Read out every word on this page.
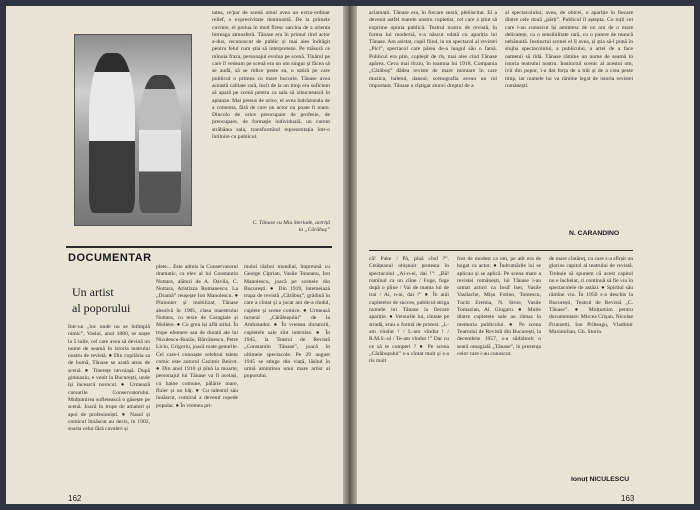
tatea, ce'par de scenă omul avea un extra-ordinar relief, o expresivitate dominantă. De la primele cuvinte, el prelua în mod firesc sarcina de a orienta întreaga atmosferă. Tănase era în primul rînd actor a-dus, recunoscut de public și mai ales îndrăgit pentru felul cum știa să interpreteze. Pe măsură ce mînuia fraza, personajul evolua pe scenă. Tînărul pe care îl vedeam pe scenă era un om singur și făcea să se audă, să se ridice peste ea, o satiră pe care publicul o primea cu mare bucurie. Tănase avea această calitate rară, încît de la un timp era suficient să apară pe scenă pentru ca sala să izbucnească în aplauze. Mai presus de orice, el avea îndrăzneala de a comenta, fără de care un actor nu poate fi mare. Dincolo de orice preocupare de profesie, de preocupare, de formație individuală, un curent străbătea sala, transformînd reprezentația într-o întîlnire cu publicul.
C. Tănase cu Mia Steriade, actriță
la „Cărăbuș”
DOCUMENTAR
Un artist
al poporului
Într-un „loc unde nu se întîmplă nimic”, Vaslui, anul 1880, se naște la 5 iulie, cel care avea să devină un nume de seamă în istoria teatrului nostru de revistă. ● Din copilăria sa de humă, Tănase se arată atras de scenă. ● Tinerețe nevoiașă. După gimnaziu, e venit la București, unde își încearcă norocul. ● Urmează cursurile Conservatorului. Mulțumirea sufletească o găsește pe scenă. Joacă în trupe de amatori și apoi de profesioniști. ● Nasul și comicul înnăscut au decis, în 1902, soarta celui fără cavaleri și
plete... Este admis la Conservatorul dramatic, ca elev al lui Constantin Nottara, alături de A. Davila, C. Nottara, Aristizza Romanescu. La „Dramă” reușește Ion Manolescu. ● Plutonier și mobilizat, Tănase absolvă în 1905, clasa maestrului Nottara, cu texte de Caragiale și Molière. ● Cu greu își află stilul. În trupe efemere sau de durată ale lui Niculescu-Buzău, Bărcănescu, Petre Liciu, Grigoriu, joacă toate genurile. Cel care-i cunoaște celebrul talent comic este autorul Cazimir Belcot. ● Din anul 1910 și pînă la moarte, personajul lui Tănase va fi același, cu haine comune, pălărie mare, fluier și un băț. ● Cu talentul său înnăscut, comicul a devenit repede popular. ● În vremea pri-
mului război mondial, împreună cu George Ciprian, Vasile Toneanu, Ion Manolescu, joacă pe scenele din București. ● Din 1919, întemeiază trupa de revistă „Cărăbuș”, grădină în care a cîntat și a jucat ani de-a rîndul, cuplete și scene comice. ● Urmează turneul „Cărăbușului” de la Ambasador. ● În vremea dictaturii, cupletele sale sînt interzise. ● În 1945, la Teatrul de Revistă „Constantin Tănase”, joacă în ultimele spectacole. Pe 29 august 1945 se stinge din viață, lăsînd în urmă amintirea unui mare artist al poporului.
162
aclamații. Tănase era, în fiecare seară, plebiscitat. El a devenit astfel marele nostru cupletist, cel care a știut să exprime opinia publică. Teatrul nostru de revistă, în forma lui modernă, s-a născut odată cu apariția lui Tănase. Am asistat, copil fiind, la un spectacol al revistei „Pici”, spectacol care părea de-a lungul său o farsă. Publicul era plin, copleșit de rîs, mai ales cînd Tănase apărea. Ceva mai tîrziu, în toamna lui 1918, Compania „Cărăbuș” dădea reviste de mare montare în care muzica, baletul, dansul, scenografia aveau un rol important. Tănase a cîștigat atunci dreptul de a
al spectacolului; avea, de obicei, o apariție în fiecare dintre cele două „părți”. Publicul îl aștepta. Cu toții cei care l-au cunoscut își amintesc de un om de o mare delicatețe, cu o sensibilitate rară, cu o putere de muncă nebănuită. Instinctul scenei el îl avea, și știa să-l pună în slujba spectacolului, a publicului, a artei de a face oamenii să rîdă. Tănase rămîne un nume de seamă în istoria teatrului nostru. Instinctul scenic al acestui om, ivit din popor, i-a dat forța de a trăi și de a crea peste timp, iar numele lui va rămîne legat de istoria revistei românești.
N. CARANDINO
că! Pake / Pă, pînă cînd ?”. Cetățeanul obișnuit protesta în spectacolul „Ai-n-ei, dai !”: „Bă! romînul ca un cîine / Fuge, fuge după o pîine / Vai de mama lui de trai / Ai, n-ai, dai !” ● În anii cupletelor de succes, publicul striga numele lui Tănase la fiecare apariție. ● Versurile lui, cîntate pe stradă, erau o formă de protest. „L-am vîndut ! / L-am vîndut ! / R.M.S.-ul / Te-am vîndut !” Dar cu ce să te cumperi ? ● Pe scena „Cărăbușului” s-a cîntat mult și s-a rîs mult
fost de modest ca om, pe atît era de bogat ca actor. ● Îndrumările lui se aplicau și se aplică. Pe scena mare a revistei românești, lui Tănase i-au urmat actori ca Iosif Iser, Vasile Vasilache, Mișu Fotino, Tomescu, Tuchi Eremia, N. Stroe, Vasile Tomazian, Al. Giugaru. ● Multe dintre cupletele sale au rămas în memoria publicului. ● Pe scena Teatrului de Revistă din București, la decembrie 1957, s-a sărbătorit o seară omagială „Tănase”, în prezența celor care l-au cunoscut.
de mare cîntăreț, cu care s-a sfîrșit un glorios capitol al teatrului de revistă. Trebuie să spunem că acest capitol nu e încheiat, ci continuă să fie viu în spectacolele de astăzi. ● Spiritul său rămîne viu. În 1950 s-a deschis la București, Teatrul de Revistă „C. Tănase”. ● Mulțumim pentru documentare: Mircea Crișan, Nicolae Frunzetti, Ion Pribeagu, Vladimir Maximilian, Gh. Storin.
Ionuț NICULESCU
163
